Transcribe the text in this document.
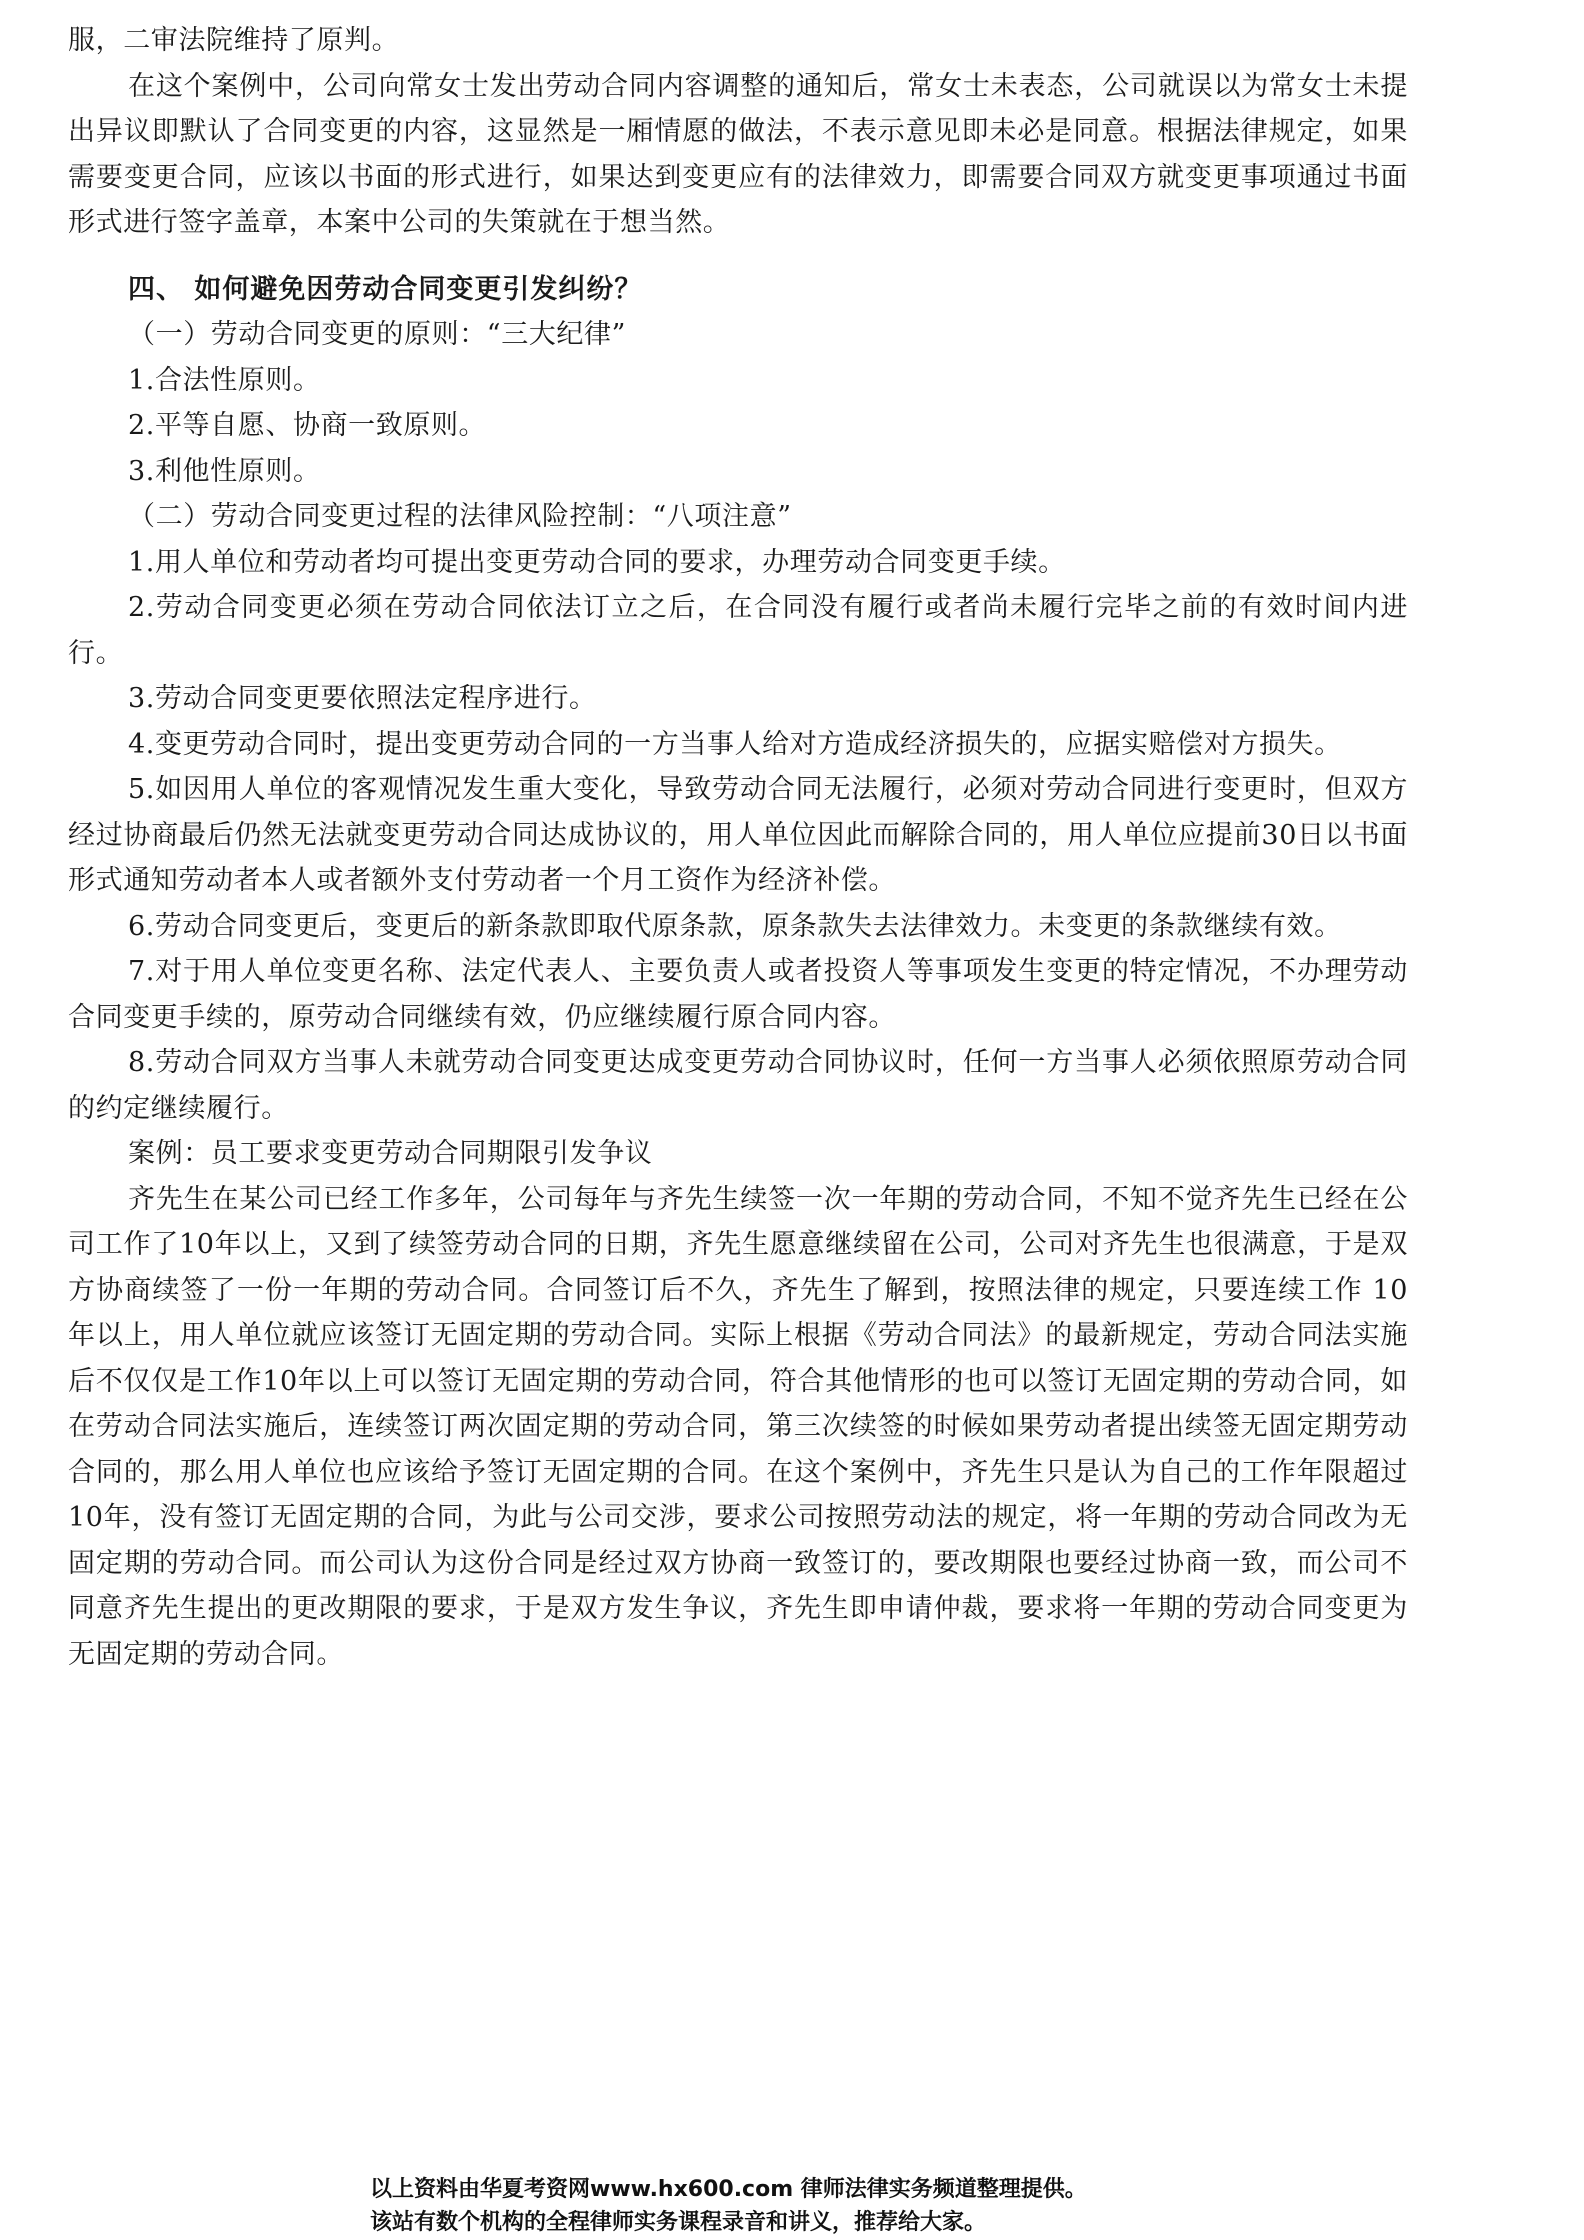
服，二审法院维持了原判。

在这个案例中，公司向常女士发出劳动合同内容调整的通知后，常女士未表态，公司就误以为常女士未提出异议即默认了合同变更的内容，这显然是一厢情愿的做法，不表示意见即未必是同意。根据法律规定，如果需要变更合同，应该以书面的形式进行，如果达到变更应有的法律效力，即需要合同双方就变更事项通过书面形式进行签字盖章，本案中公司的失策就在于想当然。

四、 如何避免因劳动合同变更引发纠纷？

（一）劳动合同变更的原则：“三大纪律”

1.合法性原则。

2.平等自愿、协商一致原则。

3.利他性原则。

（二）劳动合同变更过程的法律风险控制：“八项注意”

1.用人单位和劳动者均可提出变更劳动合同的要求，办理劳动合同变更手续。

2.劳动合同变更必须在劳动合同依法订立之后，在合同没有履行或者尚未履行完毕之前的有效时间内进行。

3.劳动合同变更要依照法定程序进行。

4.变更劳动合同时，提出变更劳动合同的一方当事人给对方造成经济损失的，应据实赔偿对方损失。

5.如因用人单位的客观情况发生重大变化，导致劳动合同无法履行，必须对劳动合同进行变更时，但双方经过协商最后仍然无法就变更劳动合同达成协议的，用人单位因此而解除合同的，用人单位应提前30日以书面形式通知劳动者本人或者额外支付劳动者一个月工资作为经济补偿。

6.劳动合同变更后，变更后的新条款即取代原条款，原条款失去法律效力。未变更的条款继续有效。

7.对于用人单位变更名称、法定代表人、主要负责人或者投资人等事项发生变更的特定情况，不办理劳动合同变更手续的，原劳动合同继续有效，仍应继续履行原合同内容。

8.劳动合同双方当事人未就劳动合同变更达成变更劳动合同协议时，任何一方当事人必须依照原劳动合同的约定继续履行。

案例：员工要求变更劳动合同期限引发争议

齐先生在某公司已经工作多年，公司每年与齐先生续签一次一年期的劳动合同，不知不觉齐先生已经在公司工作了10年以上，又到了续签劳动合同的日期，齐先生愿意继续留在公司，公司对齐先生也很满意，于是双方协商续签了一份一年期的劳动合同。合同签订后不久，齐先生了解到，按照法律的规定，只要连续工作 10年以上，用人单位就应该签订无固定期的劳动合同。实际上根据《劳动合同法》的最新规定，劳动合同法实施后不仅仅是工作10年以上可以签订无固定期的劳动合同，符合其他情形的也可以签订无固定期的劳动合同，如在劳动合同法实施后，连续签订两次固定期的劳动合同，第三次续签的时候如果劳动者提出续签无固定期劳动合同的，那么用人单位也应该给予签订无固定期的合同。在这个案例中，齐先生只是认为自己的工作年限超过10年，没有签订无固定期的合同，为此与公司交涉，要求公司按照劳动法的规定，将一年期的劳动合同改为无固定期的劳动合同。而公司认为这份合同是经过双方协商一致签订的，要改期限也要经过协商一致，而公司不同意齐先生提出的更改期限的要求，于是双方发生争议，齐先生即申请仲裁，要求将一年期的劳动合同变更为无固定期的劳动合同。

以上资料由华夏考资网www.hx600.com 律师法律实务频道整理提供。
该站有数个机构的全程律师实务课程录音和讲义，推荐给大家。
